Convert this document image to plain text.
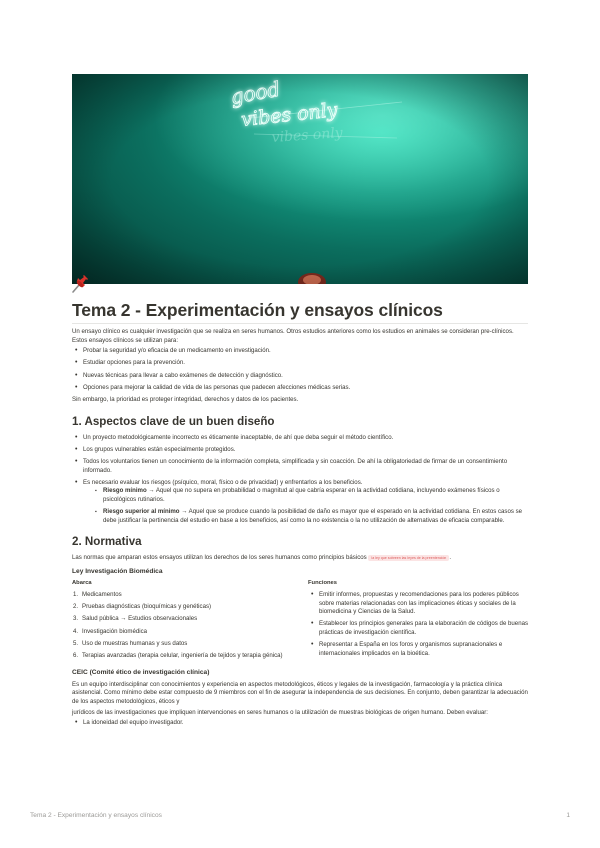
Tema 2 - Experimentación y ensayos clínicos

Un ensayo clínico es cualquier investigación que se realiza en seres humanos. Otros estudios anteriores como los estudios en animales se consideran pre-clínicos. Estos ensayos clínicos se utilizan para:

• Probar la seguridad y/o eficacia de un medicamento en investigación.
• Estudiar opciones para la prevención.
• Nuevas técnicas para llevar a cabo exámenes de detección y diagnóstico.
• Opciones para mejorar la calidad de vida de las personas que padecen afecciones médicas serias.

Sin embargo, la prioridad es proteger integridad, derechos y datos de los pacientes.

1. Aspectos clave de un buen diseño
• Un proyecto metodológicamente incorrecto es éticamente inaceptable, de ahí que deba seguir el método científico.
• Los grupos vulnerables están especialmente protegidos.
• Todos los voluntarios tienen un conocimiento de la información completa, simplificada y sin coacción. De ahí la obligatoriedad de firmar de un consentimiento informado.
• Es necesario evaluar los riesgos (psíquico, moral, físico o de privacidad) y enfrentarlos a los beneficios.
▪ Riesgo mínimo → Aquel que no supera en probabilidad o magnitud al que cabría esperar en la actividad cotidiana, incluyendo exámenes físicos o psicológicos rutinarios.
▪ Riesgo superior al mínimo → Aquel que se produce cuando la posibilidad de daño es mayor que el esperado en la actividad cotidiana. En estos casos se debe justificar la pertinencia del estudio en base a los beneficios, así como la no existencia o la no utilización de alternativas de eficacia comparable.
2. Normativa

Las normas que amparan estos ensayos utilizan los derechos de los seres humanos como principios básicos la ley que sobreen las leyes de la preentención .

Ley Investigación Biomédica
Abarca
1. Medicamentos
2. Pruebas diagnósticas (bioquímicas y genéticas)
3. Salud pública → Estudios observacionales
4. Investigación biomédica
5. Uso de muestras humanas y sus datos
6. Terapias avanzadas (terapia celular, ingeniería de tejidos y terapia génica)
Funciones
• Emitir informes, propuestas y recomendaciones para los poderes públicos sobre materias relacionadas con las implicaciones éticas y sociales de la biomedicina y Ciencias de la Salud.
• Establecer los principios generales para la elaboración de códigos de buenas prácticas de investigación científica.
• Representar a España en los foros y organismos supranacionales e internacionales implicados en la bioética.
CEIC (Comité ético de investigación clínica)

Es un equipo interdisciplinar con conocimientos y experiencia en aspectos metodológicos, éticos y legales de la investigación, farmacología y la práctica clínica asistencial. Como mínimo debe estar compuesto de 9 miembros con el fin de asegurar la independencia de sus decisiones. En conjunto, deben garantizar la adecuación de los aspectos metodológicos, éticos y

jurídicos de las investigaciones que impliquen intervenciones en seres humanos o la utilización de muestras biológicas de origen humano. Deben evaluar:

• La idoneidad del equipo investigador.
Tema 2 - Experimentación y ensayos clínicos	1
